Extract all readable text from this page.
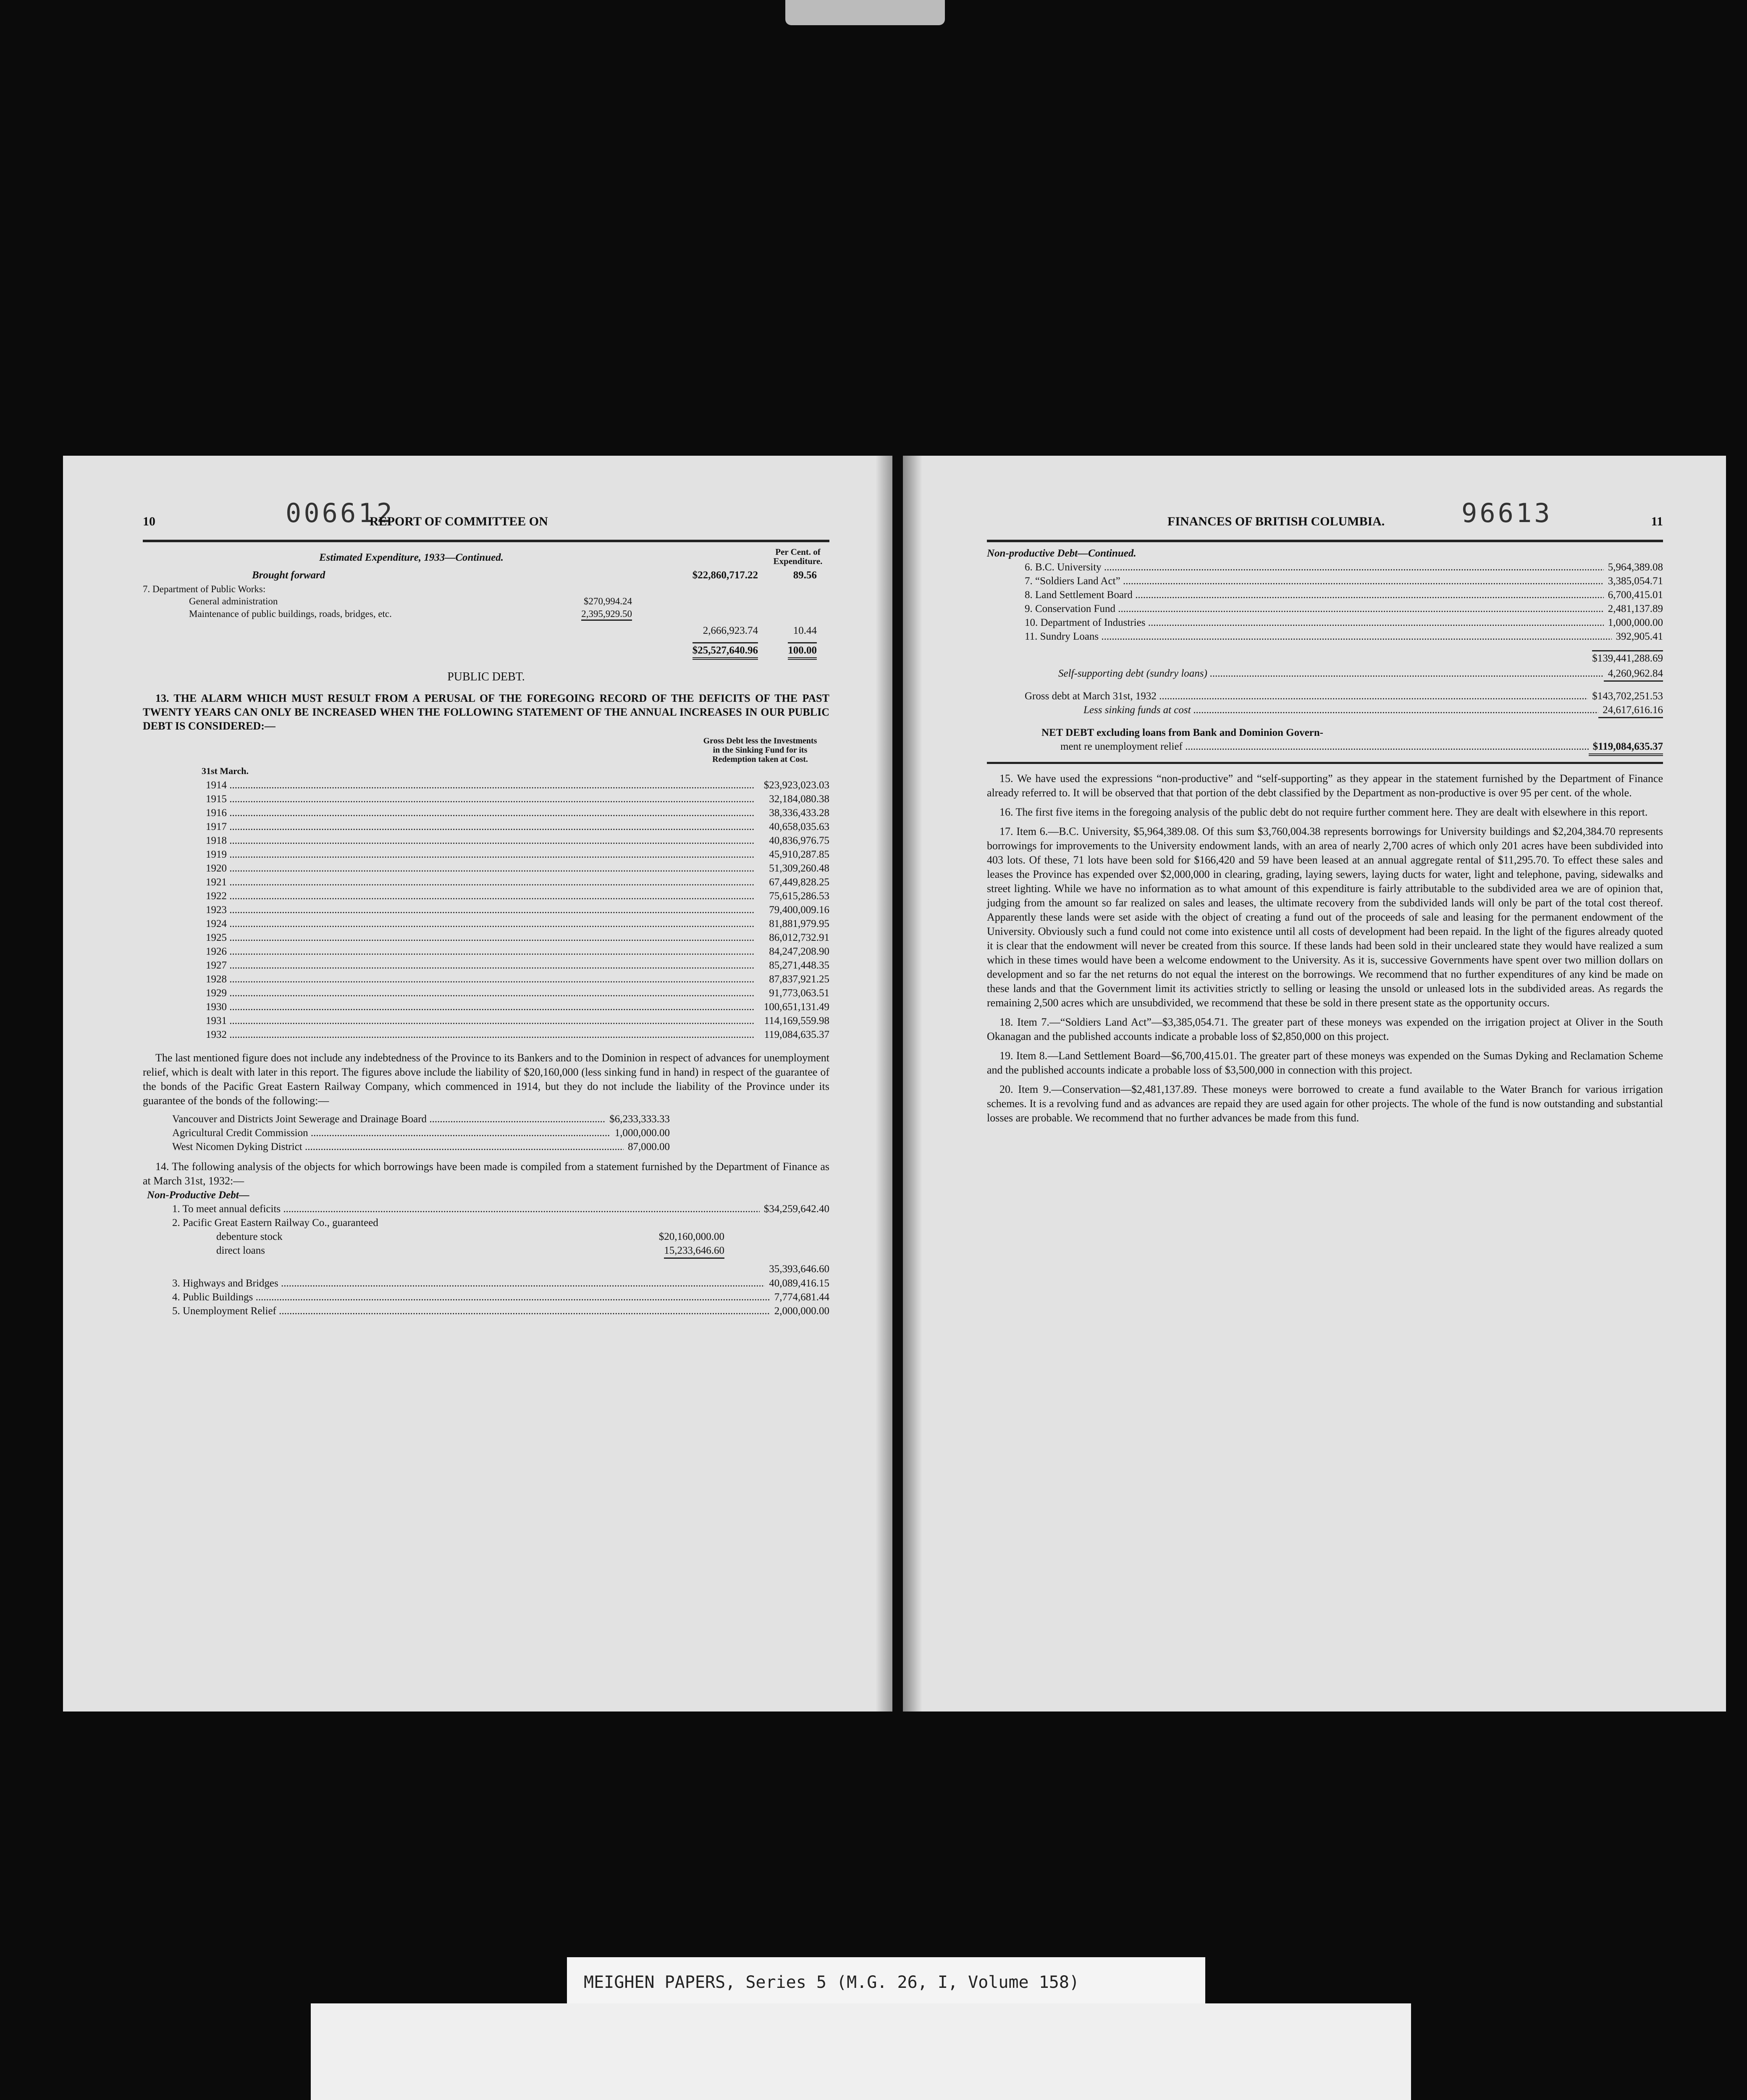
10	006612
REPORT OF COMMITTEE ON
Estimated Expenditure, 1933—Continued.	Per Cent. of Expenditure.
Brought forward	$22,860,717.22	89.56
7. Department of Public Works:
General administration	$270,994.24
Maintenance of public buildings, roads, bridges, etc.	2,395,929.50
2,666,923.74	10.44
$25,527,640.96	100.00
PUBLIC DEBT.

13. THE ALARM WHICH MUST RESULT FROM A PERUSAL OF THE FOREGOING RECORD OF THE DEFICITS OF THE PAST TWENTY YEARS CAN ONLY BE INCREASED WHEN THE FOLLOWING STATEMENT OF THE ANNUAL INCREASES IN OUR PUBLIC DEBT IS CONSIDERED:—

31st March.
Gross Debt less the Investments in the Sinking Fund for its Redemption taken at Cost.
1914 .....	$23,923,023.03
1915 .....	32,184,080.38
1916 .....	38,336,433.28
1917 .....	40,658,035.63
1918 .....	40,836,976.75
1919 .....	45,910,287.85
1920 .....	51,309,260.48
1921 .....	67,449,828.25
1922 .....	75,615,286.53
1923 .....	79,400,009.16
1924 .....	81,881,979.95
1925 .....	86,012,732.91
1926 .....	84,247,208.90
1927 .....	85,271,448.35
1928 .....	87,837,921.25
1929 .....	91,773,063.51
1930 .....	100,651,131.49
1931 .....	114,169,559.98
1932 .....	119,084,635.37

The last mentioned figure does not include any indebtedness of the Province to its Bankers and to the Dominion in respect of advances for unemployment relief, which is dealt with later in this report. The figures above include the liability of $20,160,000 (less sinking fund in hand) in respect of the guarantee of the bonds of the Pacific Great Eastern Railway Company, which commenced in 1914, but they do not include the liability of the Province under its guarantee of the bonds of the following:—

Vancouver and Districts Joint Sewerage and Drainage Board .....	$6,233,333.33
Agricultural Credit Commission .....	1,000,000.00
West Nicomen Dyking District .....	87,000.00

14. The following analysis of the objects for which borrowings have been made is compiled from a statement furnished by the Department of Finance as at March 31st, 1932:—

Non-Productive Debt—
1. To meet annual deficits .....	$34,259,642.40
2. Pacific Great Eastern Railway Co., guaranteed
debenture stock	$20,160,000.00
direct loans	15,233,646.60
35,393,646.60
3. Highways and Bridges .....	40,089,416.15
4. Public Buildings .....	7,774,681.44
5. Unemployment Relief .....	2,000,000.00
FINANCES OF BRITISH COLUMBIA.	96613	11
Non-productive Debt—Continued.
6. B.C. University .....	5,964,389.08
7. “Soldiers Land Act” .....	3,385,054.71
8. Land Settlement Board .....	6,700,415.01
9. Conservation Fund .....	2,481,137.89
10. Department of Industries .....	1,000,000.00
11. Sundry Loans .....	392,905.41
$139,441,288.69
Self-supporting debt (sundry loans) .....	4,260,962.84
Gross debt at March 31st, 1932 .....	$143,702,251.53
Less sinking funds at cost .....	24,617,616.16
NET DEBT excluding loans from Bank and Dominion Govern-
ment re unemployment relief .....	$119,084,635.37

15. We have used the expressions “non-productive” and “self-supporting” as they appear in the statement furnished by the Department of Finance already referred to. It will be observed that that portion of the debt classified by the Department as non-productive is over 95 per cent. of the whole.

16. The first five items in the foregoing analysis of the public debt do not require further comment here. They are dealt with elsewhere in this report.

17. Item 6.—B.C. University, $5,964,389.08. Of this sum $3,760,004.38 represents borrowings for University buildings and $2,204,384.70 represents borrowings for improvements to the University endowment lands, with an area of nearly 2,700 acres of which only 201 acres have been subdivided into 403 lots. Of these, 71 lots have been sold for $166,420 and 59 have been leased at an annual aggregate rental of $11,295.70. To effect these sales and leases the Province has expended over $2,000,000 in clearing, grading, laying sewers, laying ducts for water, light and telephone, paving, sidewalks and street lighting. While we have no information as to what amount of this expenditure is fairly attributable to the subdivided area we are of opinion that, judging from the amount so far realized on sales and leases, the ultimate recovery from the subdivided lands will only be part of the total cost thereof. Apparently these lands were set aside with the object of creating a fund out of the proceeds of sale and leasing for the permanent endowment of the University. Obviously such a fund could not come into existence until all costs of development had been repaid. In the light of the figures already quoted it is clear that the endowment will never be created from this source. If these lands had been sold in their uncleared state they would have realized a sum which in these times would have been a welcome endowment to the University. As it is, successive Governments have spent over two million dollars on development and so far the net returns do not equal the interest on the borrowings. We recommend that no further expenditures of any kind be made on these lands and that the Government limit its activities strictly to selling or leasing the unsold or unleased lots in the subdivided areas. As regards the remaining 2,500 acres which are unsubdivided, we recommend that these be sold in there present state as the opportunity occurs.

18. Item 7.—“Soldiers Land Act”—$3,385,054.71. The greater part of these moneys was expended on the irrigation project at Oliver in the South Okanagan and the published accounts indicate a probable loss of $2,850,000 on this project.

19. Item 8.—Land Settlement Board—$6,700,415.01. The greater part of these moneys was expended on the Sumas Dyking and Reclamation Scheme and the published accounts indicate a probable loss of $3,500,000 in connection with this project.

20. Item 9.—Conservation—$2,481,137.89. These moneys were borrowed to create a fund available to the Water Branch for various irrigation schemes. It is a revolving fund and as advances are repaid they are used again for other projects. The whole of the fund is now outstanding and substantial losses are probable. We recommend that no further advances be made from this fund.

MEIGHEN PAPERS, Series 5 (M.G. 26, I, Volume 158)
